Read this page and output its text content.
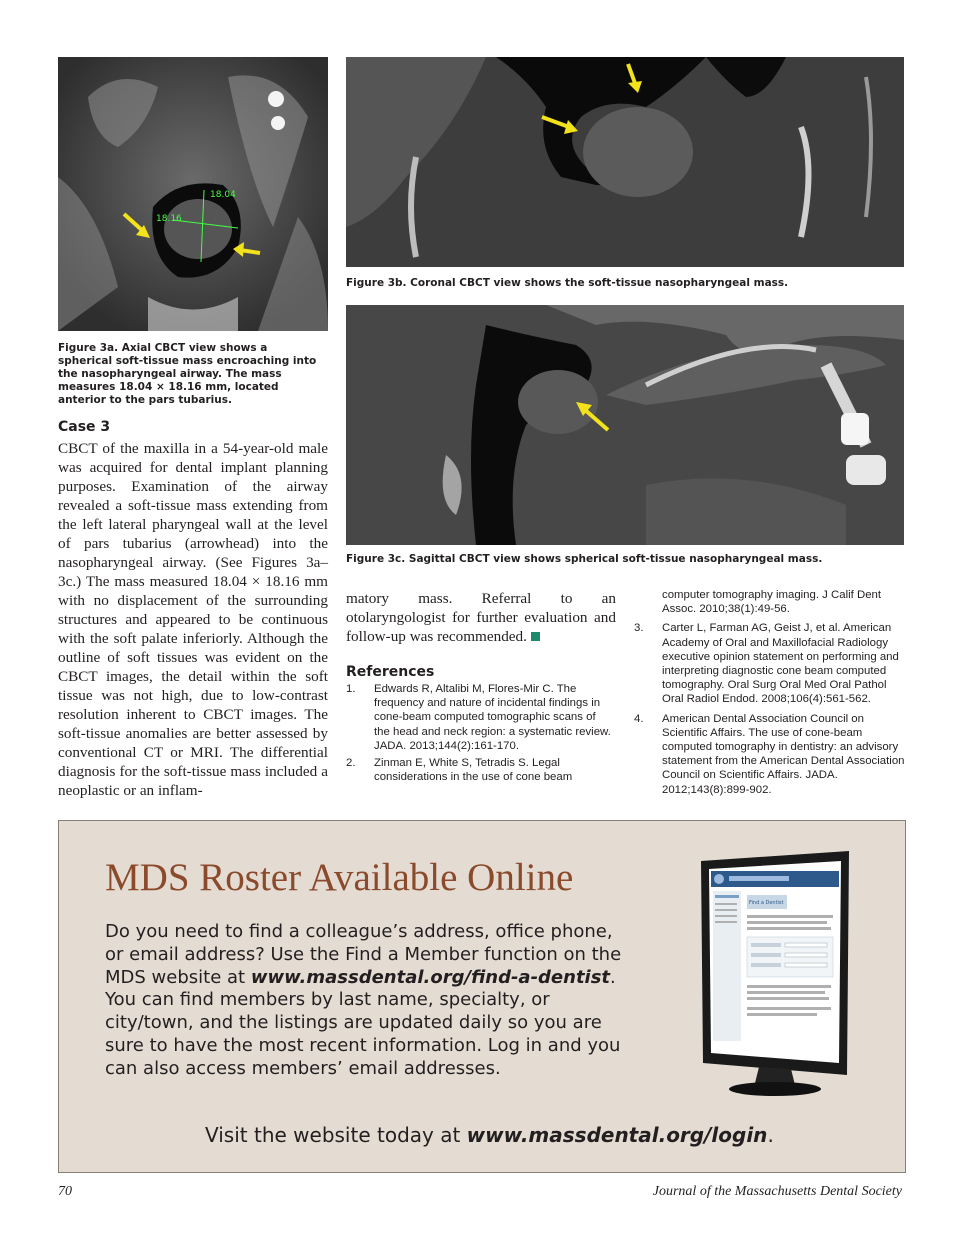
18.04
18.16
Figure 3a. Axial CBCT view shows a spherical soft-tissue mass encroaching into the nasopharyngeal airway. The mass measures 18.04 × 18.16 mm, located anterior to the pars tubarius.
Figure 3b. Coronal CBCT view shows the soft-tissue nasopharyngeal mass.
Figure 3c. Sagittal CBCT view shows spherical soft-tissue nasopharyngeal mass.
Case 3
CBCT of the maxilla in a 54-year-old male was acquired for dental implant planning purposes. Examination of the airway revealed a soft-tissue mass extending from the left lateral pharyngeal wall at the level of pars tubarius (arrowhead) into the nasopharyngeal airway. (See Figures 3a–3c.) The mass measured 18.04 × 18.16 mm with no displacement of the surrounding structures and appeared to be continuous with the soft palate inferiorly. Although the outline of soft tissues was evident on the CBCT images, the detail within the soft tissue was not high, due to low-contrast resolution inherent to CBCT images. The soft-tissue anomalies are better assessed by conventional CT or MRI. The differential diagnosis for the soft-tissue mass included a neoplastic or an inflam-
matory mass. Referral to an otolaryngologist for further evaluation and follow-up was recommended.
References
1.	Edwards R, Altalibi M, Flores-Mir C. The frequency and nature of incidental findings in cone-beam computed tomographic scans of the head and neck region: a systematic review. JADA. 2013;144(2):161-170.
2.	Zinman E, White S, Tetradis S. Legal considerations in the use of cone beam
computer tomography imaging. J Calif Dent Assoc. 2010;38(1):49-56.
3.	Carter L, Farman AG, Geist J, et al. American Academy of Oral and Maxillofacial Radiology executive opinion statement on performing and interpreting diagnostic cone beam computed tomography. Oral Surg Oral Med Oral Pathol Oral Radiol Endod. 2008;106(4):561-562.
4.	American Dental Association Council on Scientific Affairs. The use of cone-beam computed tomography in dentistry: an advisory statement from the American Dental Association Council on Scientific Affairs. JADA. 2012;143(8):899-902.
MDS Roster Available Online
Do you need to find a colleague’s address, office phone, or email address? Use the Find a Member function on the MDS website at www.massdental.org/find-a-dentist. You can find members by last name, specialty, or city/town, and the listings are updated daily so you are sure to have the most recent information. Log in and you can also access members’ email addresses.
Visit the website today at www.massdental.org/login.
Find a Dentist
70	Journal of the Massachusetts Dental Society
